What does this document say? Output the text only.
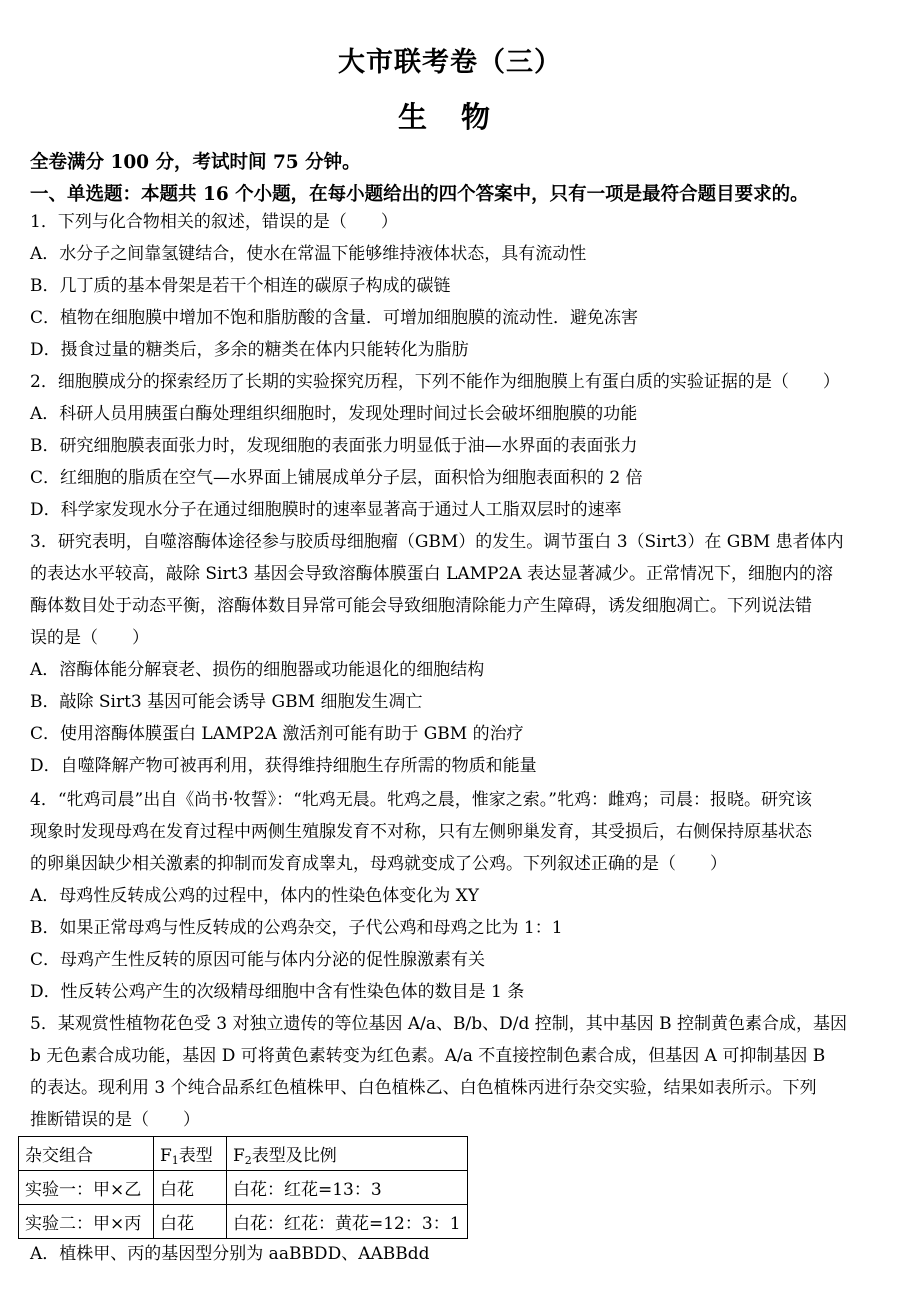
大市联考卷（三）
生 物
全卷满分 100 分，考试时间 75 分钟。
一、单选题：本题共 16 个小题，在每小题给出的四个答案中，只有一项是最符合题目要求的。
1．下列与化合物相关的叙述，错误的是（　　）
A．水分子之间靠氢键结合，使水在常温下能够维持液体状态，具有流动性
B．几丁质的基本骨架是若干个相连的碳原子构成的碳链
C．植物在细胞膜中增加不饱和脂肪酸的含量．可增加细胞膜的流动性．避免冻害
D．摄食过量的糖类后，多余的糖类在体内只能转化为脂肪
2．细胞膜成分的探索经历了长期的实验探究历程，下列不能作为细胞膜上有蛋白质的实验证据的是（　　）
A．科研人员用胰蛋白酶处理组织细胞时，发现处理时间过长会破坏细胞膜的功能
B．研究细胞膜表面张力时，发现细胞的表面张力明显低于油—水界面的表面张力
C．红细胞的脂质在空气—水界面上铺展成单分子层，面积恰为细胞表面积的 2 倍
D．科学家发现水分子在通过细胞膜时的速率显著高于通过人工脂双层时的速率
3．研究表明，自噬溶酶体途径参与胶质母细胞瘤（GBM）的发生。调节蛋白 3（Sirt3）在 GBM 患者体内
的表达水平较高，敲除 Sirt3 基因会导致溶酶体膜蛋白 LAMP2A 表达显著减少。正常情况下，细胞内的溶
酶体数目处于动态平衡，溶酶体数目异常可能会导致细胞清除能力产生障碍，诱发细胞凋亡。下列说法错
误的是（　　）
A．溶酶体能分解衰老、损伤的细胞器或功能退化的细胞结构
B．敲除 Sirt3 基因可能会诱导 GBM 细胞发生凋亡
C．使用溶酶体膜蛋白 LAMP2A 激活剂可能有助于 GBM 的治疗
D．自噬降解产物可被再利用，获得维持细胞生存所需的物质和能量
4．“牝鸡司晨”出自《尚书·牧誓》：“牝鸡无晨。牝鸡之晨，惟家之索。”牝鸡：雌鸡；司晨：报晓。研究该
现象时发现母鸡在发育过程中两侧生殖腺发育不对称，只有左侧卵巢发育，其受损后，右侧保持原基状态
的卵巢因缺少相关激素的抑制而发育成睾丸，母鸡就变成了公鸡。下列叙述正确的是（　　）
A．母鸡性反转成公鸡的过程中，体内的性染色体变化为 XY
B．如果正常母鸡与性反转成的公鸡杂交，子代公鸡和母鸡之比为 1：1
C．母鸡产生性反转的原因可能与体内分泌的促性腺激素有关
D．性反转公鸡产生的次级精母细胞中含有性染色体的数目是 1 条
5．某观赏性植物花色受 3 对独立遗传的等位基因 A/a、B/b、D/d 控制，其中基因 B 控制黄色素合成，基因
b 无色素合成功能，基因 D 可将黄色素转变为红色素。A/a 不直接控制色素合成，但基因 A 可抑制基因 B
的表达。现利用 3 个纯合品系红色植株甲、白色植株乙、白色植株丙进行杂交实验，结果如表所示。下列
推断错误的是（　　）
杂交组合	$F_1$表型	$F_2$表型及比例
实验一：甲×乙	白花	白花：红花=13：3
实验二：甲×丙	白花	白花：红花：黄花=12：3：1
A．植株甲、丙的基因型分别为 aaBBDD、AABBdd
